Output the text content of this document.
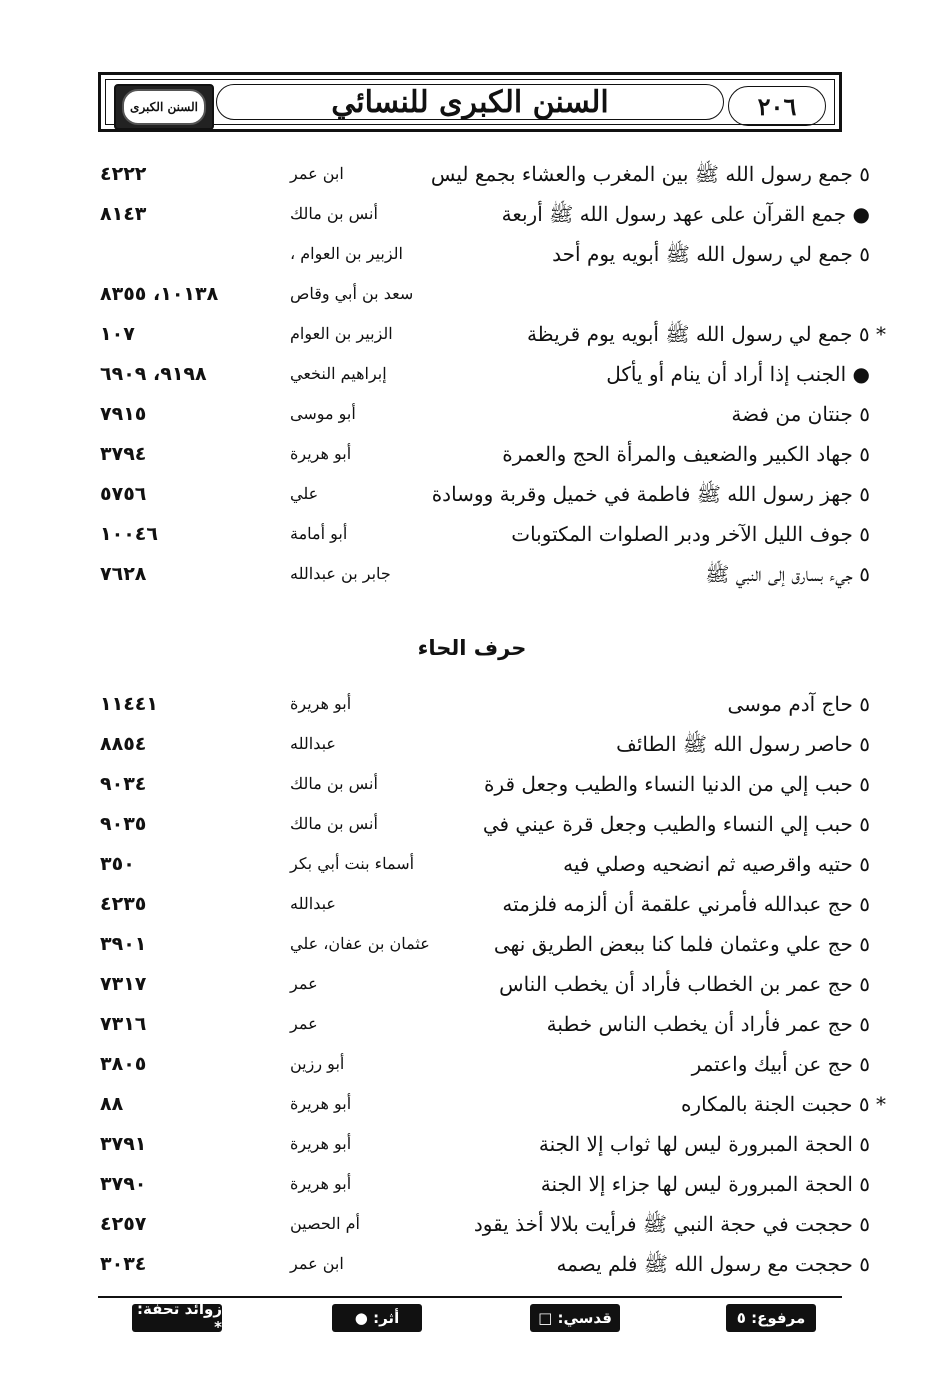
السنن الكبرى	السنن الكبرى للنسائي	٢٠٦
٥ جمع رسول الله ﷺ بين المغرب والعشاء بجمع ليس
ابن عمر
٤٢٢٢
● جمع القرآن على عهد رسول الله ﷺ أربعة
أنس بن مالك
٨١٤٣
٥ جمع لي رسول الله ﷺ أبويه يوم أحد
الزبير بن العوام ،
سعد بن أبي وقاص
١٠١٣٨، ٨٣٥٥
* ٥ جمع لي رسول الله ﷺ أبويه يوم قريظة
الزبير بن العوام
١٠٧
● الجنب إذا أراد أن ينام أو يأكل
إبراهيم النخعي
٩١٩٨، ٦٩٠٩
٥ جنتان من فضة
أبو موسى
٧٩١٥
٥ جهاد الكبير والضعيف والمرأة الحج والعمرة
أبو هريرة
٣٧٩٤
٥ جهز رسول الله ﷺ فاطمة في خميل وقربة ووسادة
علي
٥٧٥٦
٥ جوف الليل الآخر ودبر الصلوات المكتوبات
أبو أمامة
١٠٠٤٦
٥ جيء بسارق إلى النبي ﷺ
جابر بن عبدالله
٧٦٢٨
حرف الحاء
٥ حاج آدم موسى
أبو هريرة
١١٤٤١
٥ حاصر رسول الله ﷺ الطائف
عبدالله
٨٨٥٤
٥ حبب إلي من الدنيا النساء والطيب وجعل قرة
أنس بن مالك
٩٠٣٤
٥ حبب إلي النساء والطيب وجعل قرة عيني في
أنس بن مالك
٩٠٣٥
٥ حتيه واقرصيه ثم انضحيه وصلي فيه
أسماء بنت أبي بكر
٣٥٠
٥ حج عبدالله فأمرني علقمة أن ألزمه فلزمته
عبدالله
٤٢٣٥
٥ حج علي وعثمان فلما كنا ببعض الطريق نهى
عثمان بن عفان، علي
٣٩٠١
٥ حج عمر بن الخطاب فأراد أن يخطب الناس
عمر
٧٣١٧
٥ حج عمر فأراد أن يخطب الناس خطبة
عمر
٧٣١٦
٥ حج عن أبيك واعتمر
أبو رزين
٣٨٠٥
* ٥ حجبت الجنة بالمكاره
أبو هريرة
٨٨
٥ الحجة المبرورة ليس لها ثواب إلا الجنة
أبو هريرة
٣٧٩١
٥ الحجة المبرورة ليس لها جزاء إلا الجنة
أبو هريرة
٣٧٩٠
٥ حججت في حجة النبي ﷺ فرأيت بلالا أخذ يقود
أم الحصين
٤٢٥٧
٥ حججت مع رسول الله ﷺ فلم يصمه
ابن عمر
٣٠٣٤
مرفوع: ٥
قدسي: □
أثر: ●
زوائد تحفة: *
